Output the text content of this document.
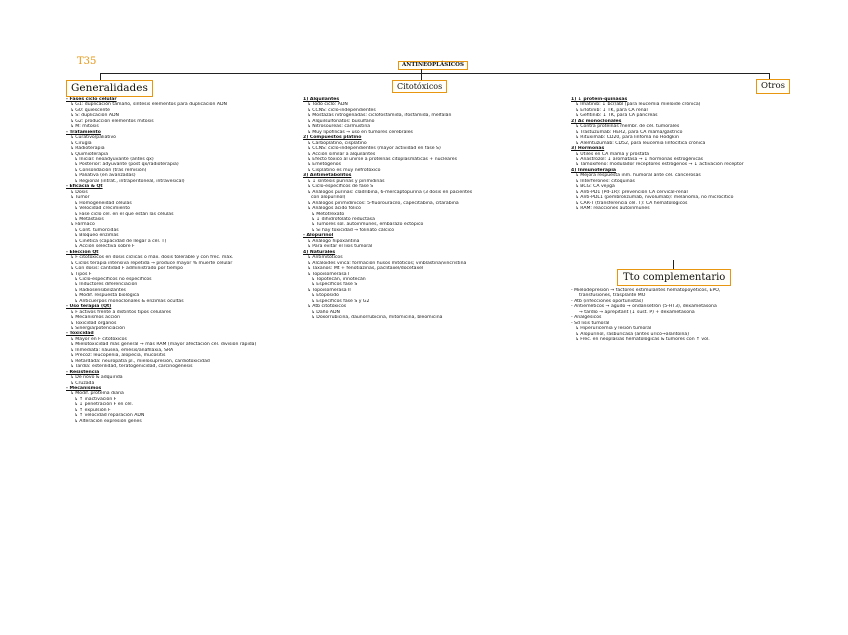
T35	ANTINEOPLÁSICOS
Generalidades	Citotóxicos	Otros
Tto complementario
- Fases ciclo celular
↳ G1: duplicación tamaño, síntesis elementos para duplicación ADN
↳ G0: quiescente
↳ S: duplicación ADN
↳ G2: producción elementos mitosis
↳ M: mitosis
- Tratamiento
↳ Curativo/paliativo
↳ Cirugía
↳ Radioterapia
↳ Quimioterapia
↳ Inicial: neoadyuvante (antes qx)
↳ Posterior: adyuvante (post qx/radioterapia)
↳ Consolidación (tras remisión)
↳ Paliativa (en avanzadas)
↳ Regional (intrat., intraperitoneal, intravesical)
- Eficacia & Qt
↳ Dosis
↳ Tumor
↳ Homogeneidad células
↳ Velocidad crecimiento
↳ Fase ciclo cel. en el que están las células
↳ Metástasis
↳ Fármaco
↳ Cont. tumorcidas
↳ Bloqueo enzimas
↳ Cinética (capacidad de llegar a cél. T)
↳ Acción selectiva sobre F
- Elección Qt
↳ F citotóxicos en dosis cíclicas o máx. dosis tolerable y con frec. máx.
↳ Ciclos terapia intensiva repetida → produce mayor % muerte celular
↳ Con dosis: cantidad F administrado por tiempo
↳ Tipos F
↳ Ciclo-específicos no específicos
↳ Inductores diferenciación
↳ Radiosensibilizantes
↳ Modif. respuesta biológica
↳ Anticuerpos monoclonales & enzimas ocultas
- Uso terapia (Qt)
↳ F activos frente a distintos tipos celulares
↳ Mecanismos acción
↳ Toxicidad órganos
↳ Sinergia/potenciación
- Toxicidad
↳ Mayor en F citotóxicos
↳ Mielotoxicidad más general → más RAM (mayor afectación cél. división rápida)
↳ Inmediata: náusea, emésis/anafilaxia, SRA
↳ Precoz: leucopenia, alopecia, mucositis
↳ Retardada: neuropatía pl., mielosupresión, cardiotoxicidad
↳ Tardía: esterilidad, teratogenicidad, carcinogénesis
- Resistencia
↳ De novo & adquirida
↳ Cruzada
- Mecanismos
↳ Modif. proteína diana
↳ ↑ inactivación F
↳ ↓ penetración F en cél.
↳ ↑ expulsión F
↳ ↑ velocidad reparación ADN
↳ Alteración expresión genes
1) Alquilantes
↳ Todo ciclo: ADN
↳ CCNS: ciclo-independientes
↳ Mostazas nitrogenadas: ciclofosfamida, ifosfamida, melfalán
↳ Alquilsulfonatos: busulfano
↳ Nitrosoureas: carmustina
↳ Muy lipofílicas → uso en tumores cerebrales
2) Compuestos platino
↳ Carboplatino, cisplatino
↳ CCNS: ciclo-independientes (mayor actividad en fase S)
↳ Acción similar a alquilantes
↳ Efecto tóxico al unirse a proteínas citoplasmáticas + nucleares
↳ Emetógenos
↳ Cisplatino es muy nefrotóxico
3) Antimetabolitos
↳ ↓ síntesis purinas y pirimidinas
↳ Ciclo-específicos de fase S
↳ Análogos purinas: cladribina, 6-mercaptopurina (3 dosis en pacientes
con alopurinol)
↳ Análogos pirimidínicos: 5-fluorouracilo, capecitabina, citarabina
↳ Análogos ácido fólico
↳ Metotrexato
↳ ↓ dihidrofolato reductasa
↳ Tumores sol. autoinmunes, embarazo ectópico
↳ Si hay toxicidad → folinato cálcico
- Alopurinol
↳ Análogo hipoxantina
↳ Para evitar el lisis tumoral
4) Naturales
↳ Antimitóticos
↳ Alcaloides vinca: formación husos mitóticos; vinblastina/vincristina
↳ Taxanos: Mt + fenotiazinas, paclitaxel/docetaxel
↳ Topoisomerasa I
↳ Topotecán, irinotecán
↳ Específicos fase S
↳ Topoisomerasa II
↳ Etopósido
↳ Específicos fase S y G2
↳ Atb citotóxicos
↳ Daño ADN
↳ Doxorrubicina, daunorrubicina, mitomicina, bleomicina
1) ↓ protein-quinasas
↳ Imatinib: ↓ bcr/abl (para leucemia mieloide crónica)
↳ Erlotinib: ↓ TK, para CA renal
↳ Gefitinib: ↓ TK, para CA páncreas
2) Ac monoclonales
↳ Contra proteínas membr. de cél. tumorales
↳ Trastuzumab: HER2, para CA mama/gástrico
↳ Rituximab: CD20, para linfoma no Hodgkin
↳ Alemtuzumab: CD52, para leucemia linfocítica crónica
3) Hormonas
↳ Útiles en CA mama y próstata
↳ Anastrozol: ↓ aromatasa → ↓ hormonas estrogénicas
↳ Tamoxifeno: modulador receptores estrógenos → ↓ activación receptor
4) Inmunoterapia
↳ Mejora respuesta inm. humoral ante cél. cancerosas
↳ Interferones: citoquinas
↳ BCG: CA vejiga
↳ Anti-PD1 (Pd-1R): prevención CA cervical-renal
↳ Anti-PDL1 (pembrolizumab, nivolumab): melanoma, no microcítico
↳ CAR-T (transferencia cél. T): CA hematológicos
↳ RAM: reacciones autoinmunes
- Mielodepresión → factores estimulantes hematopoyéticos, EPO,
transfusiones, trasplante MO
- Atb (infecciones oportunistas)
- Antieméticos → agudo → ondansetrón (5-HT3), dexametasona
→ tardío → aprepitant (↓ sust. P) + dexametasona
- Analgésicos
- Sd lisis tumoral
↳ Hiperuricemia y lesión tumoral
↳ Alopurinol, rasburicasa (antes urico→alantoína)
↳ Frec. en neoplasias hematológicas & tumores con ↑ vol.
